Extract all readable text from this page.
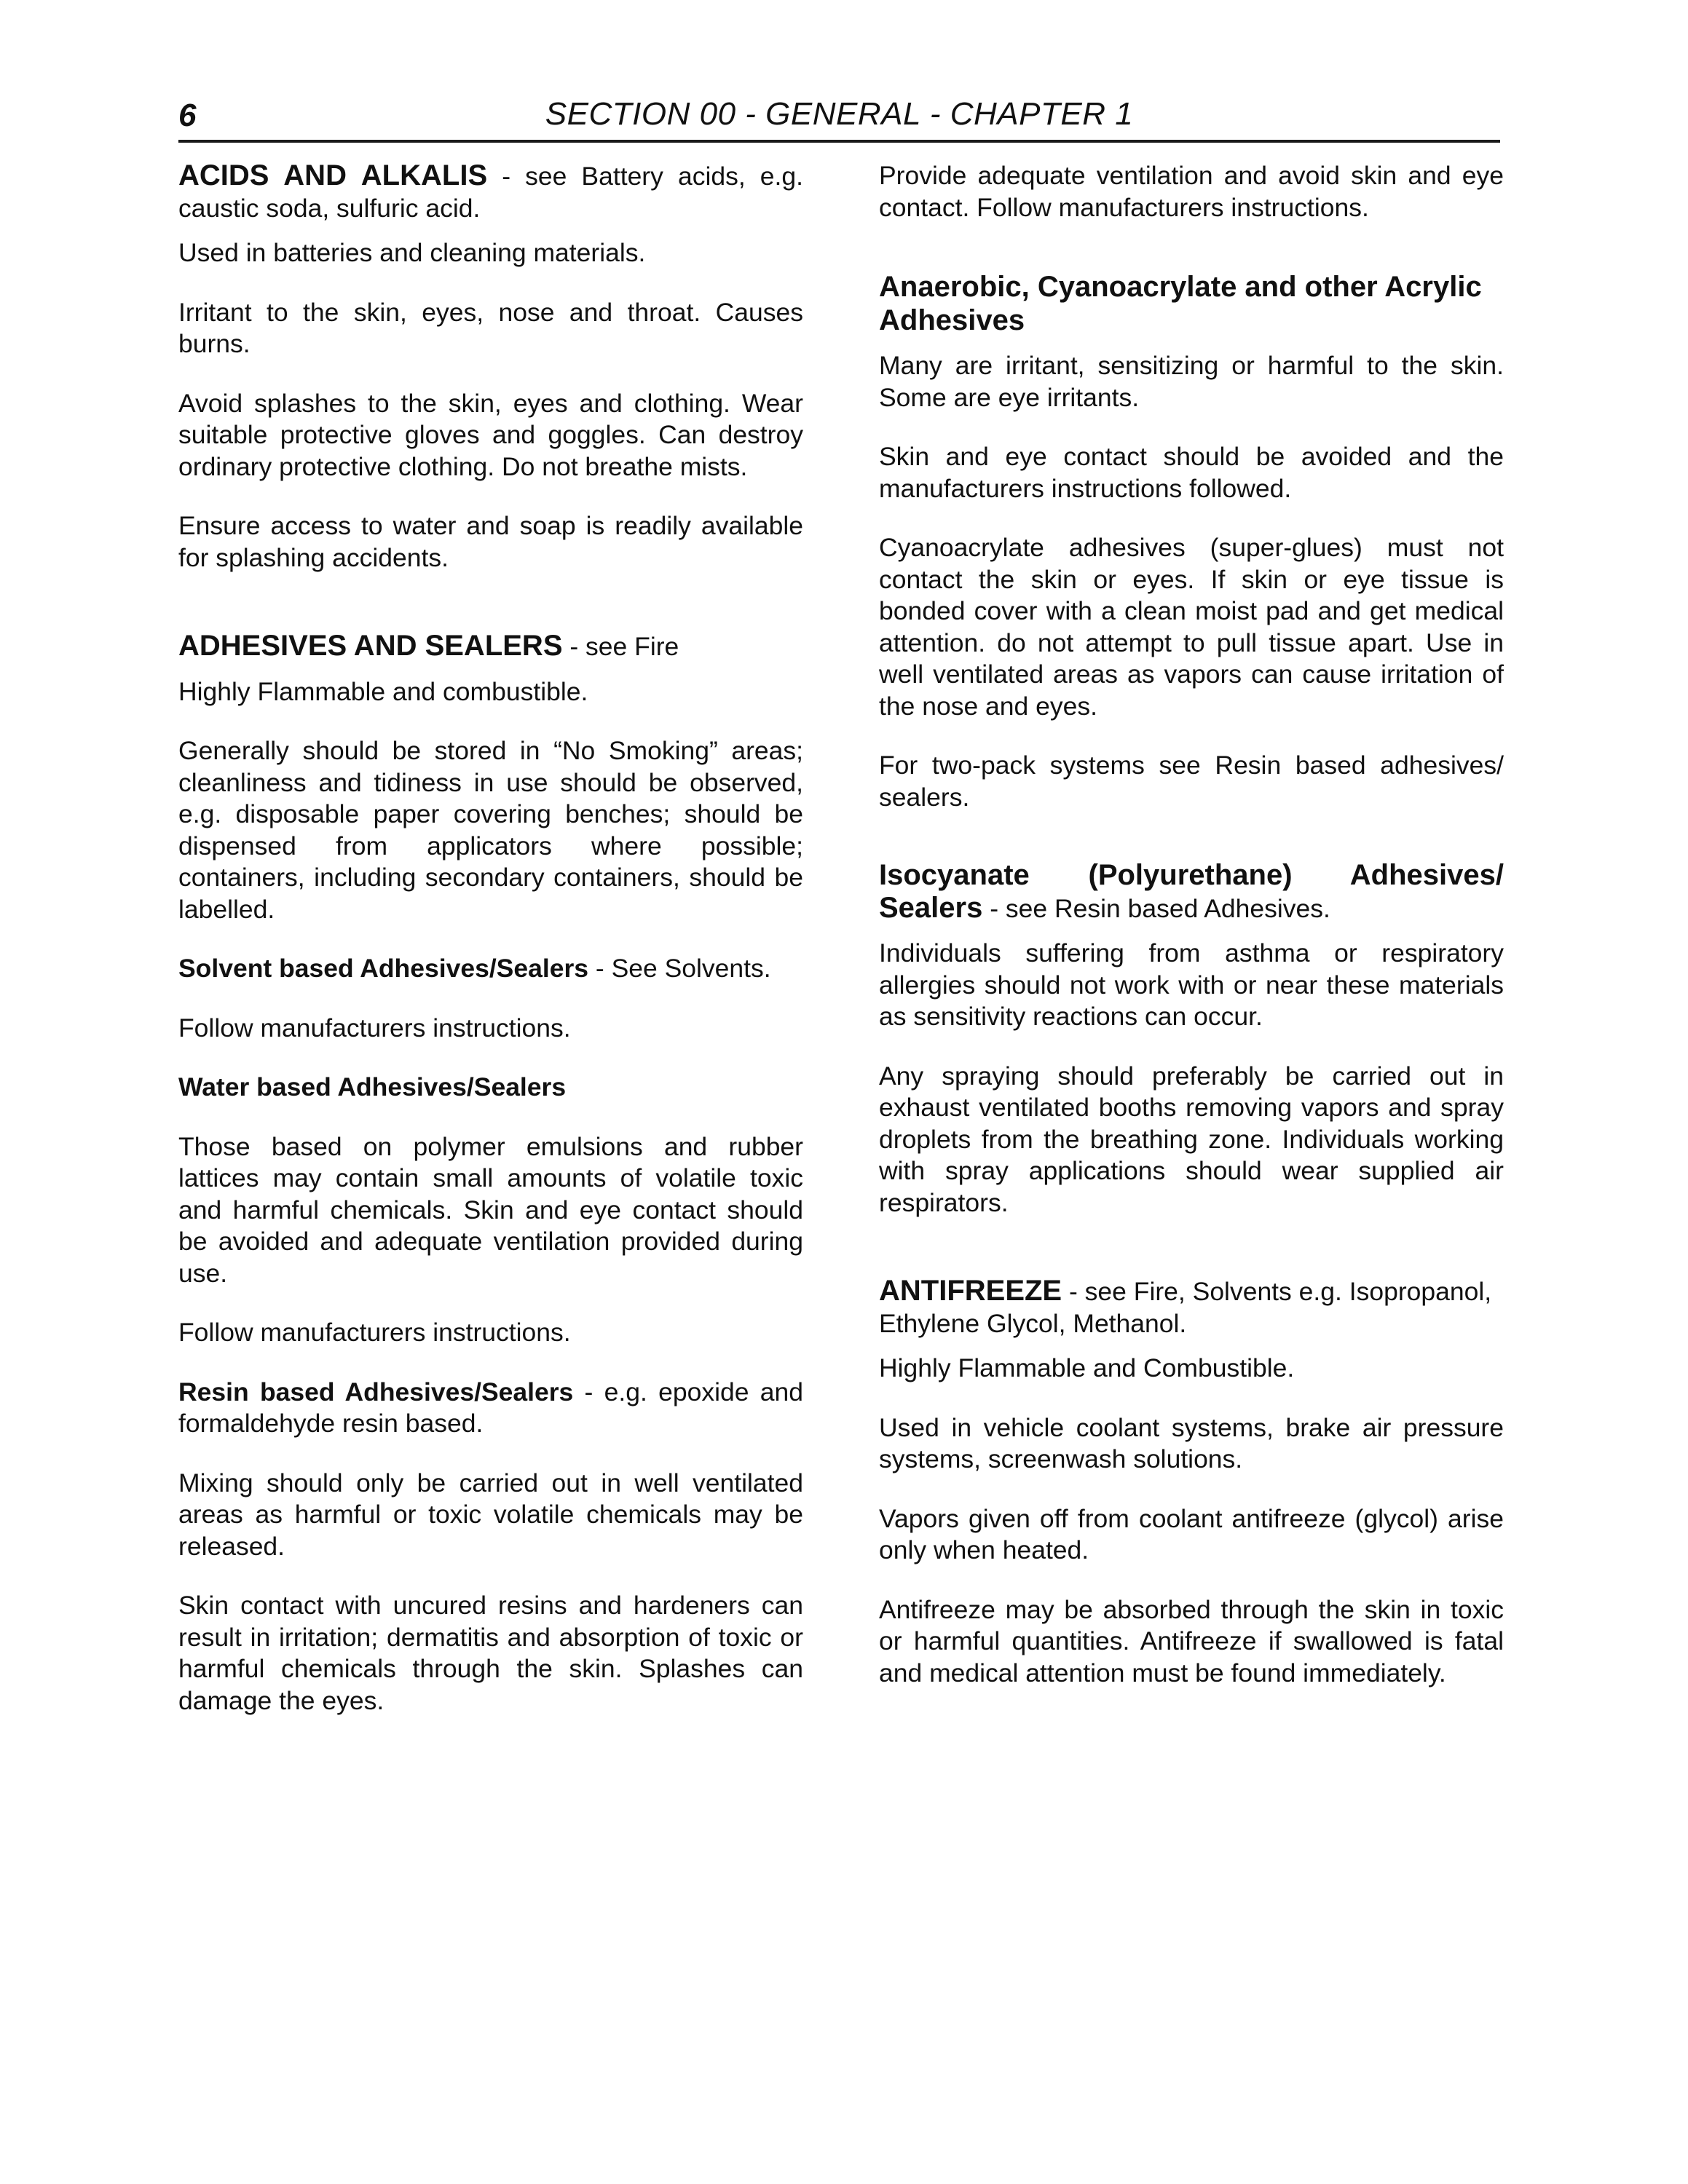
6	SECTION 00 - GENERAL - CHAPTER 1

ACIDS AND ALKALIS - see Battery acids, e.g. caustic soda, sulfuric acid.

Used in batteries and cleaning materials.

Irritant to the skin, eyes, nose and throat. Causes burns.

Avoid splashes to the skin, eyes and clothing. Wear suitable protective gloves and goggles. Can destroy ordinary protective clothing. Do not breathe mists.

Ensure access to water and soap is readily available for splashing accidents.

ADHESIVES AND SEALERS - see Fire

Highly Flammable and combustible.

Generally should be stored in “No Smoking” areas; cleanliness and tidiness in use should be observed, e.g. disposable paper covering benches; should be dispensed from applicators where possible; containers, including secondary containers, should be labelled.

Solvent based Adhesives/Sealers - See Solvents.

Follow manufacturers instructions.

Water based Adhesives/Sealers

Those based on polymer emulsions and rubber lattices may contain small amounts of volatile toxic and harmful chemicals. Skin and eye contact should be avoided and adequate ventilation provided during use.

Follow manufacturers instructions.

Resin based Adhesives/Sealers - e.g. epoxide and formaldehyde resin based.

Mixing should only be carried out in well ventilated areas as harmful or toxic volatile chemicals may be released.

Skin contact with uncured resins and hardeners can result in irritation; dermatitis and absorption of toxic or harmful chemicals through the skin. Splashes can damage the eyes.

Provide adequate ventilation and avoid skin and eye contact. Follow manufacturers instructions.

Anaerobic, Cyanoacrylate and other Acrylic Adhesives

Many are irritant, sensitizing or harmful to the skin. Some are eye irritants.

Skin and eye contact should be avoided and the manufacturers instructions followed.

Cyanoacrylate adhesives (super-glues) must not contact the skin or eyes. If skin or eye tissue is bonded cover with a clean moist pad and get medical attention. do not attempt to pull tissue apart. Use in well ventilated areas as vapors can cause irritation of the nose and eyes.

For two-pack systems see Resin based adhesives/ sealers.

Isocyanate (Polyurethane) Adhesives/ Sealers - see Resin based Adhesives.

Individuals suffering from asthma or respiratory allergies should not work with or near these materials as sensitivity reactions can occur.

Any spraying should preferably be carried out in exhaust ventilated booths removing vapors and spray droplets from the breathing zone. Individuals working with spray applications should wear supplied air respirators.

ANTIFREEZE - see Fire, Solvents e.g. Isopropanol, Ethylene Glycol, Methanol.

Highly Flammable and Combustible.

Used in vehicle coolant systems, brake air pressure systems, screenwash solutions.

Vapors given off from coolant antifreeze (glycol) arise only when heated.

Antifreeze may be absorbed through the skin in toxic or harmful quantities. Antifreeze if swallowed is fatal and medical attention must be found immediately.
